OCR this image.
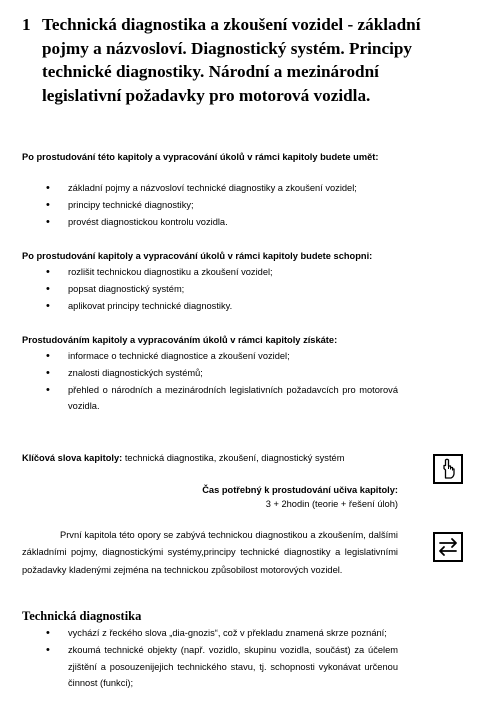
1 Technická diagnostika a zkoušení vozidel - základní pojmy a názvosloví. Diagnostický systém. Principy technické diagnostiky. Národní a mezinárodní legislativní požadavky pro motorová vozidla.
Po prostudování této kapitoly a vypracování úkolů v rámci kapitoly budete umět:
• základní pojmy a názvosloví technické diagnostiky a zkoušení vozidel;
• principy technické diagnostiky;
• provést diagnostickou kontrolu vozidla.
Po prostudování kapitoly a vypracování úkolů v rámci kapitoly budete schopni:
• rozlišit technickou diagnostiku a zkoušení vozidel;
• popsat diagnostický systém;
• aplikovat principy technické diagnostiky.
Prostudováním kapitoly a vypracováním úkolů v rámci kapitoly získáte:
• informace o technické diagnostice a zkoušení vozidel;
• znalosti diagnostických systémů;
• přehled o národních a mezinárodních legislativních požadavcích pro motorová vozidla.
Klíčová slova kapitoly: technická diagnostika, zkoušení, diagnostický systém
Čas potřebný k prostudování učiva kapitoly:
3 + 2hodin (teorie + řešení úloh)
První kapitola této opory se zabývá technickou diagnostikou a zkoušením, dalšími základními pojmy, diagnostickými systémy,principy technické diagnostiky a legislativními požadavky kladenými zejména na technickou způsobilost motorových vozidel.
Technická diagnostika
• vychází z řeckého slova „dia-gnozis“, což v překladu znamená skrze poznání;
• zkoumá technické objekty (např. vozidlo, skupinu vozidla, součást) za účelem zjištění a posouzenijejich technického stavu, tj. schopnosti vykonávat určenou činnost (funkci);
